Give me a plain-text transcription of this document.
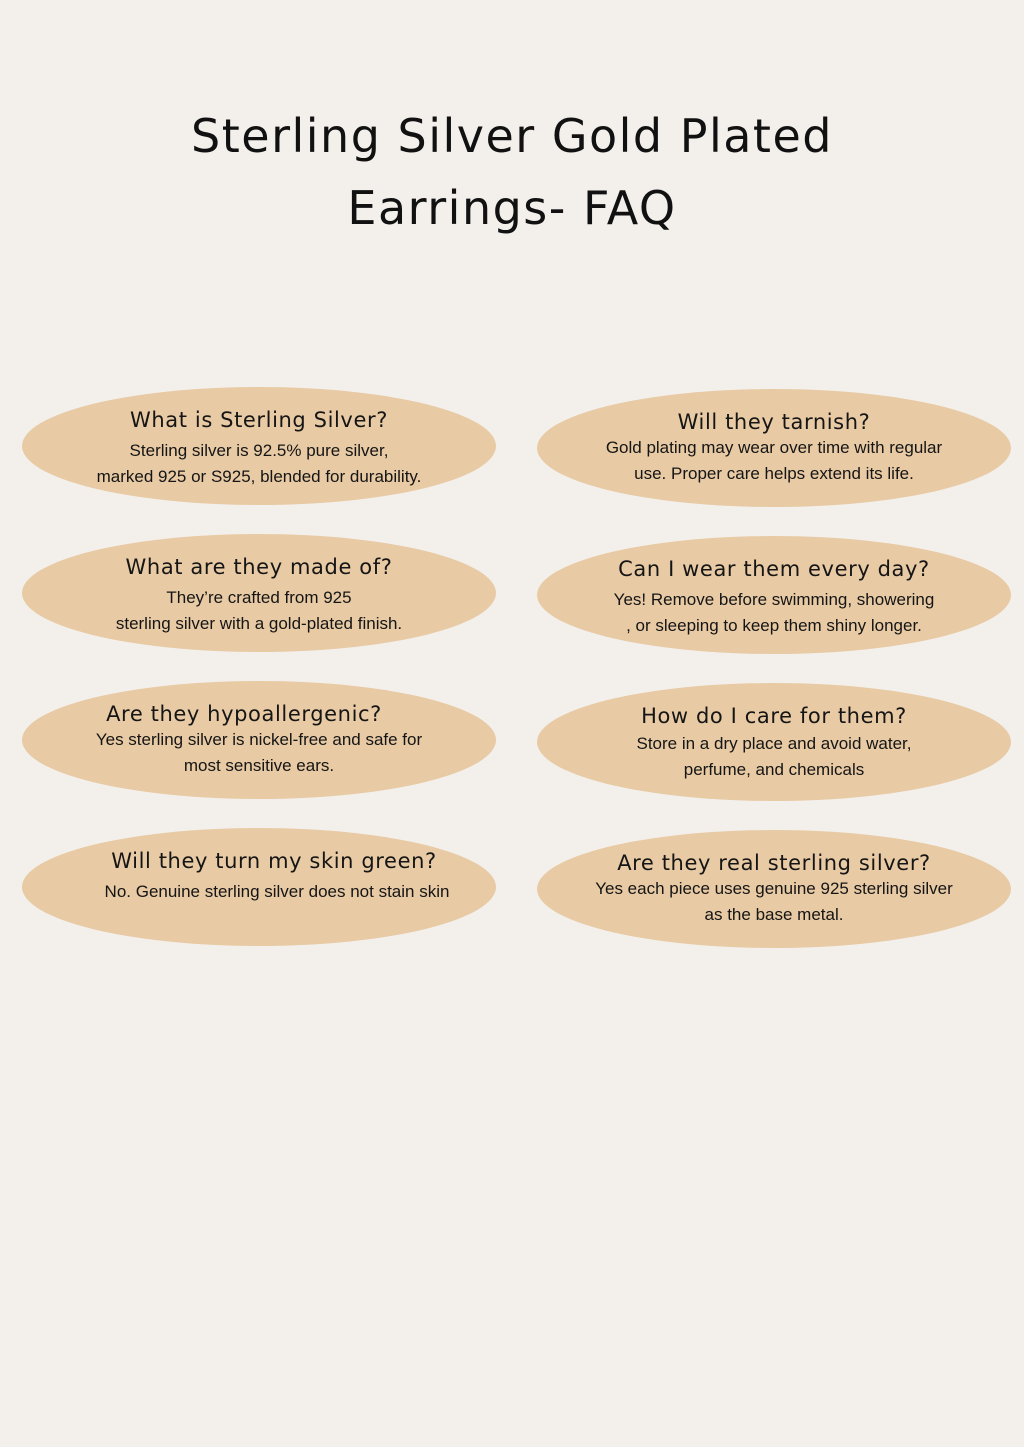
Sterling Silver Gold Plated
Earrings- FAQ

What is Sterling Silver?

Sterling silver is 92.5% pure silver,
marked 925 or S925, blended for durability.

Will they tarnish?

Gold plating may wear over time with regular
use. Proper care helps extend its life.

What are they made of?

They’re crafted from 925
sterling silver with a gold-plated finish.

Can I wear them every day?

Yes! Remove before swimming, showering
, or sleeping to keep them shiny longer.

Are they hypoallergenic?

Yes sterling silver is nickel-free and safe for
most sensitive ears.

How do I care for them?

Store in a dry place and avoid water,
perfume, and chemicals

Will they turn my skin green?

No. Genuine sterling silver does not stain skin

Are they real sterling silver?

Yes each piece uses genuine 925 sterling silver
as the base metal.
